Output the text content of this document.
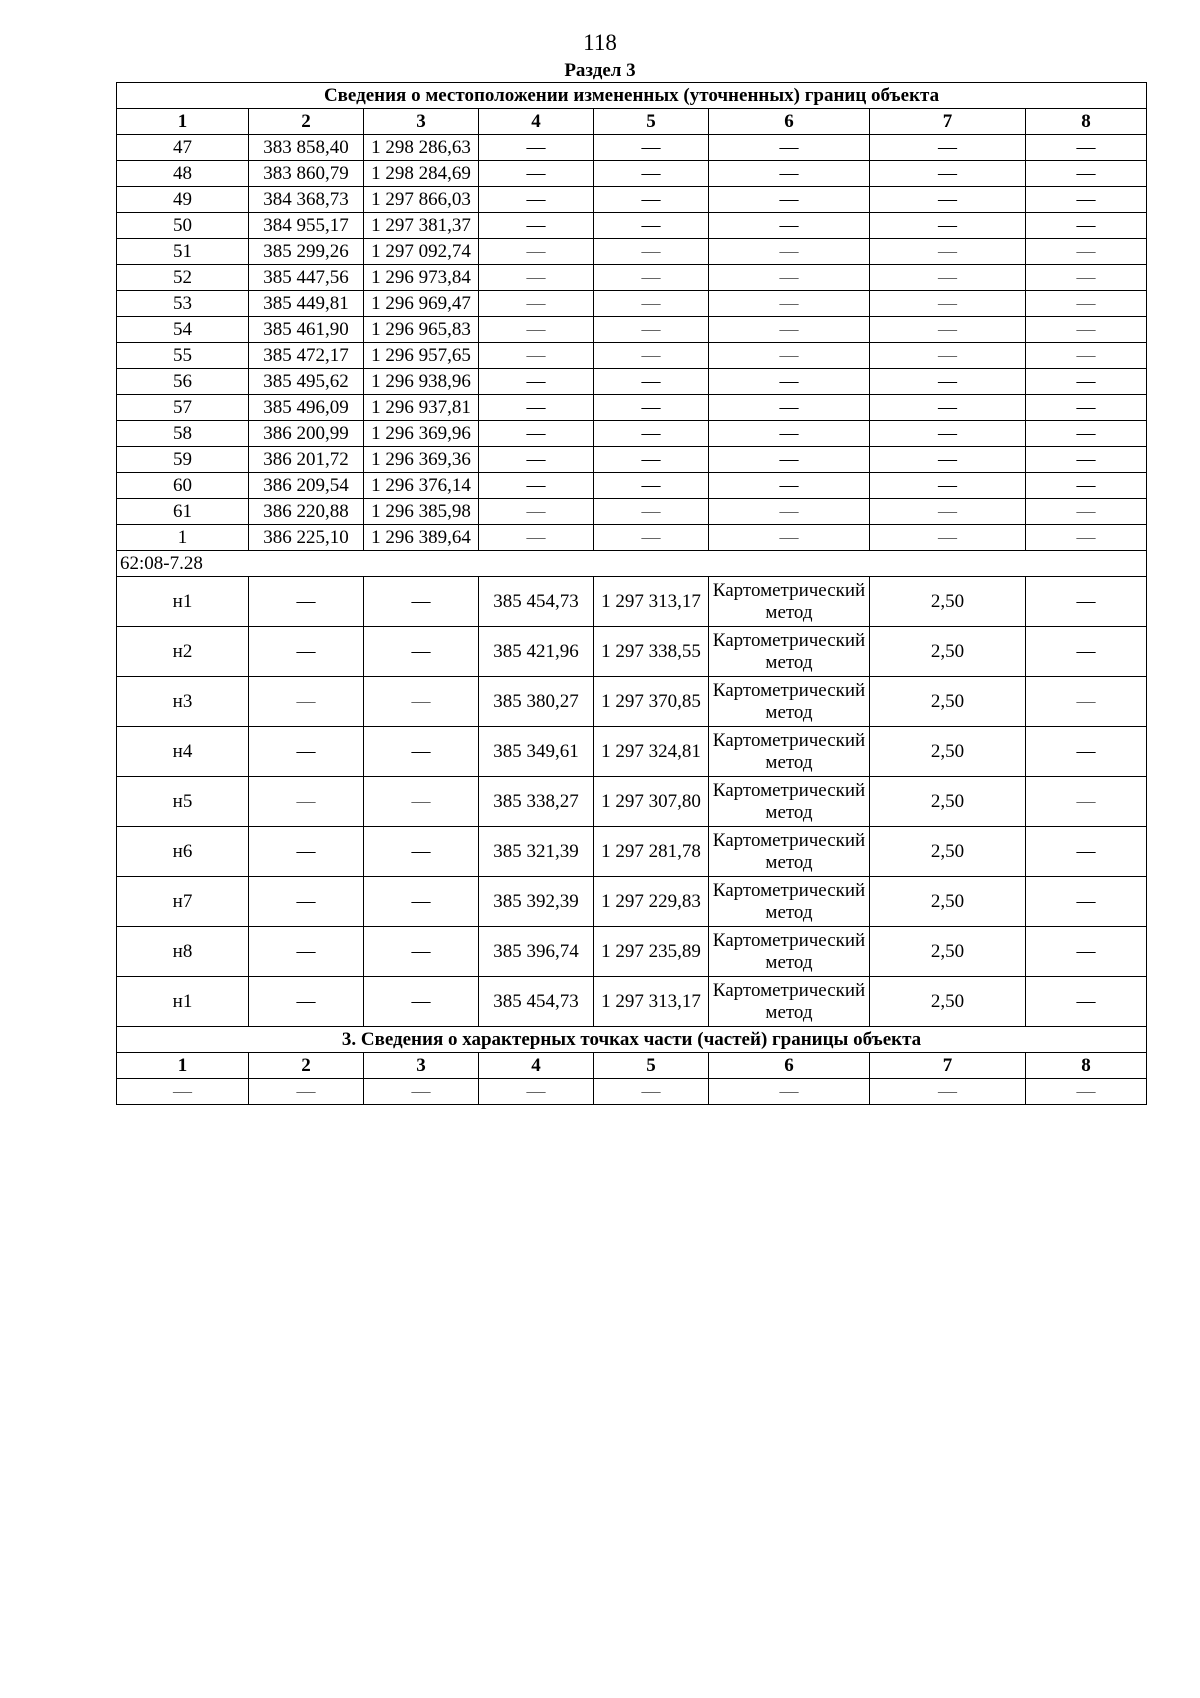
118
Раздел 3
Сведения о местоположении измененных (уточненных) границ объекта							
1	2	3	4	5	6	7	8
47	383 858,40	1 298 286,63	—	—	—	—	—
48	383 860,79	1 298 284,69	—	—	—	—	—
49	384 368,73	1 297 866,03	—	—	—	—	—
50	384 955,17	1 297 381,37	—	—	—	—	—
51	385 299,26	1 297 092,74	—	—	—	—	—
52	385 447,56	1 296 973,84	—	—	—	—	—
53	385 449,81	1 296 969,47	—	—	—	—	—
54	385 461,90	1 296 965,83	—	—	—	—	—
55	385 472,17	1 296 957,65	—	—	—	—	—
56	385 495,62	1 296 938,96	—	—	—	—	—
57	385 496,09	1 296 937,81	—	—	—	—	—
58	386 200,99	1 296 369,96	—	—	—	—	—
59	386 201,72	1 296 369,36	—	—	—	—	—
60	386 209,54	1 296 376,14	—	—	—	—	—
61	386 220,88	1 296 385,98	—	—	—	—	—
1	386 225,10	1 296 389,64	—	—	—	—	—
62:08-7.28							
н1	—	—	385 454,73	1 297 313,17	Картометрический метод	2,50	—
н2	—	—	385 421,96	1 297 338,55	Картометрический метод	2,50	—
н3	—	—	385 380,27	1 297 370,85	Картометрический метод	2,50	—
н4	—	—	385 349,61	1 297 324,81	Картометрический метод	2,50	—
н5	—	—	385 338,27	1 297 307,80	Картометрический метод	2,50	—
н6	—	—	385 321,39	1 297 281,78	Картометрический метод	2,50	—
н7	—	—	385 392,39	1 297 229,83	Картометрический метод	2,50	—
н8	—	—	385 396,74	1 297 235,89	Картометрический метод	2,50	—
н1	—	—	385 454,73	1 297 313,17	Картометрический метод	2,50	—
3. Сведения о характерных точках части (частей) границы объекта							
1	2	3	4	5	6	7	8
—	—	—	—	—	—	—	—
